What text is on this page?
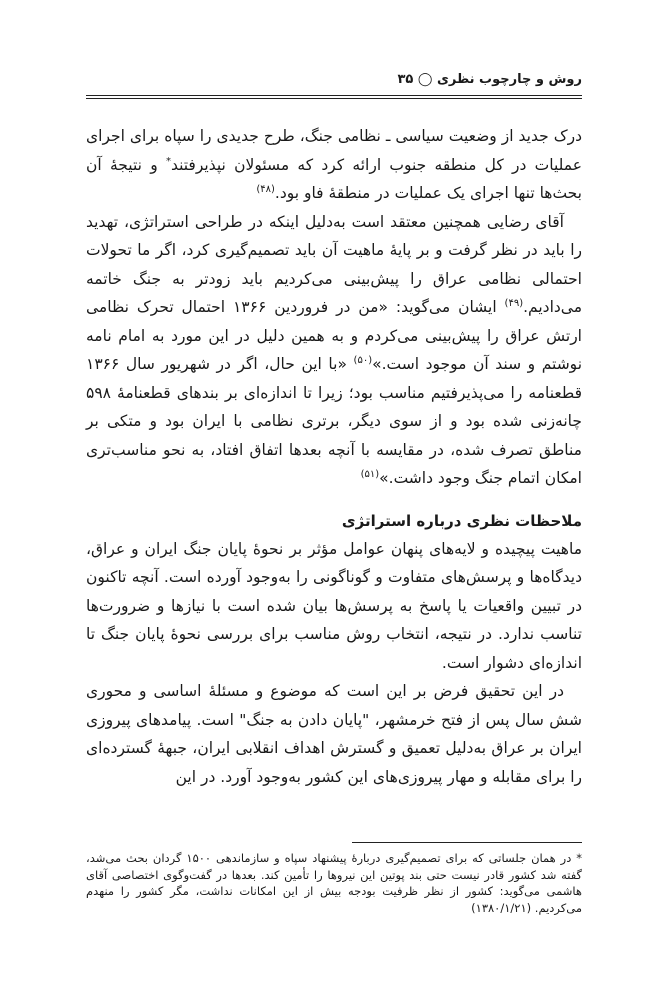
روش و چارچوب نظری ◯ ۳۵

درک جدید از وضعیت سیاسی ـ نظامی جنگ، طرح جدیدی را سپاه برای اجرای عملیات در کل منطقه جنوب ارائه کرد که مسئولان نپذیرفتند* و نتیجهٔ آن بحث‌ها تنها اجرای یک عملیات در منطقهٔ فاو بود.$^{(۴۸)}$

آقای رضایی همچنین معتقد است به‌دلیل اینکه در طراحی استراتژی، تهدید را باید در نظر گرفت و بر پایهٔ ماهیت آن باید تصمیم‌گیری کرد، اگر ما تحولات احتمالی نظامی عراق را پیش‌بینی می‌کردیم باید زودتر به جنگ خاتمه می‌دادیم.$^{(۴۹)}$ ایشان می‌گوید: «من در فروردین ۱۳۶۶ احتمال تحرک نظامی ارتش عراق را پیش‌بینی می‌کردم و به همین دلیل در این مورد به امام نامه نوشتم و سند آن موجود است.»$^{(۵۰)}$ «با این حال، اگر در شهریور سال ۱۳۶۶ قطعنامه را می‌پذیرفتیم مناسب بود؛ زیرا تا اندازه‌ای بر بندهای قطعنامهٔ ۵۹۸ چانه‌زنی شده بود و از سوی دیگر، برتری نظامی با ایران بود و متکی بر مناطق تصرف شده، در مقایسه با آنچه بعدها اتفاق افتاد، به نحو مناسب‌تری امکان اتمام جنگ وجود داشت.»$^{(۵۱)}$

ملاحظات نظری درباره استراتژی

ماهیت پیچیده و لایه‌های پنهان عوامل مؤثر بر نحوهٔ پایان جنگ ایران و عراق، دیدگاه‌ها و پرسش‌های متفاوت و گوناگونی را به‌وجود آورده است. آنچه تاکنون در تبیین واقعیات یا پاسخ به پرسش‌ها بیان شده است با نیازها و ضرورت‌ها تناسب ندارد. در نتیجه، انتخاب روش مناسب برای بررسی نحوهٔ پایان جنگ تا اندازه‌ای دشوار است.

در این تحقیق فرض بر این است که موضوع و مسئلهٔ اساسی و محوری شش سال پس از فتح خرمشهر، "پایان دادن به جنگ" است. پیامدهای پیروزی ایران بر عراق به‌دلیل تعمیق و گسترش اهداف انقلابی ایران، جبههٔ گسترده‌ای را برای مقابله و مهار پیروزی‌های این کشور به‌وجود آورد. در این

* در همان جلساتی که برای تصمیم‌گیری دربارهٔ پیشنهاد سپاه و سازماندهی ۱۵۰۰ گردان بحث می‌شد، گفته شد کشور قادر نیست حتی بند پوتین این نیروها را تأمین کند. بعدها در گفت‌وگوی اختصاصی آقای هاشمی می‌گوید: کشور از نظر ظرفیت بودجه بیش از این امکانات نداشت، مگر کشور را منهدم می‌کردیم. (۱۳۸۰/۱/۲۱)
